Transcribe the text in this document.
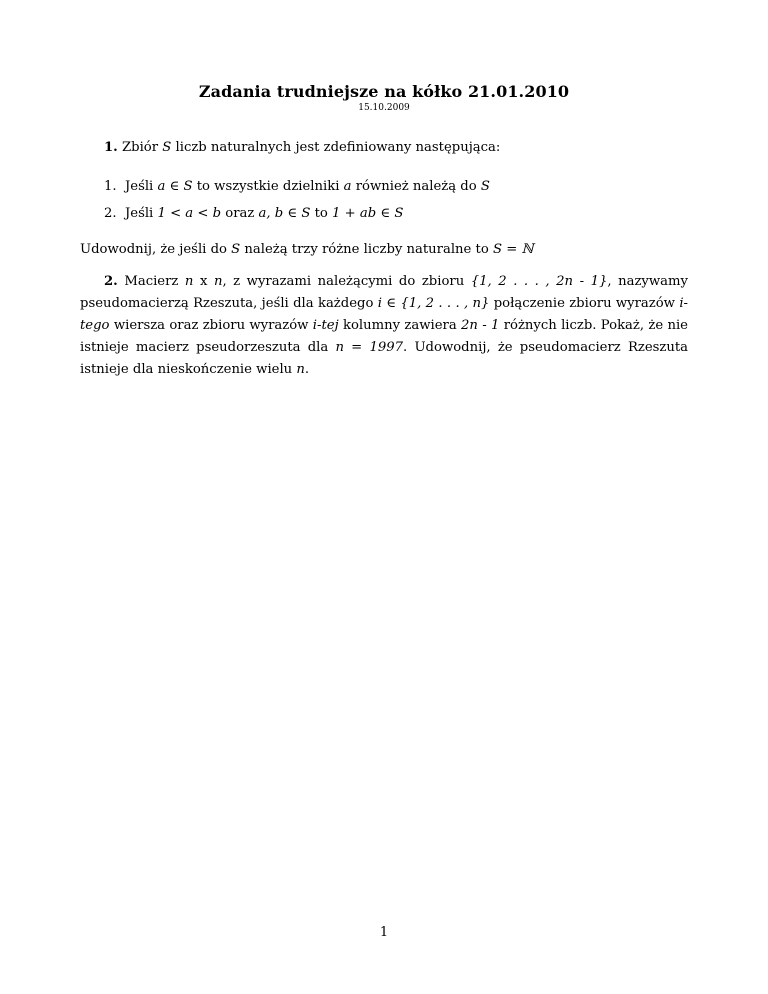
Zadania trudniejsze na kółko 21.01.2010
15.10.2009
1. Zbiór S liczb naturalnych jest zdefiniowany następująca:
1. Jeśli a ∈ S to wszystkie dzielniki a również należą do S
2. Jeśli 1 < a < b oraz a, b ∈ S to 1 + ab ∈ S
Udowodnij, że jeśli do S należą trzy różne liczby naturalne to S = ℕ
2. Macierz n x n, z wyrazami należącymi do zbioru {1, 2 . . . , 2n - 1}, nazywamy pseudomacierzą Rzeszuta, jeśli dla każdego i ∈ {1, 2 . . . , n} połączenie zbioru wyrazów i-tego wiersza oraz zbioru wyrazów i-tej kolumny zawiera 2n - 1 różnych liczb. Pokaż, że nie istnieje macierz pseudorzeszuta dla n = 1997. Udowodnij, że pseudomacierz Rzeszuta istnieje dla nieskończenie wielu n.
1
